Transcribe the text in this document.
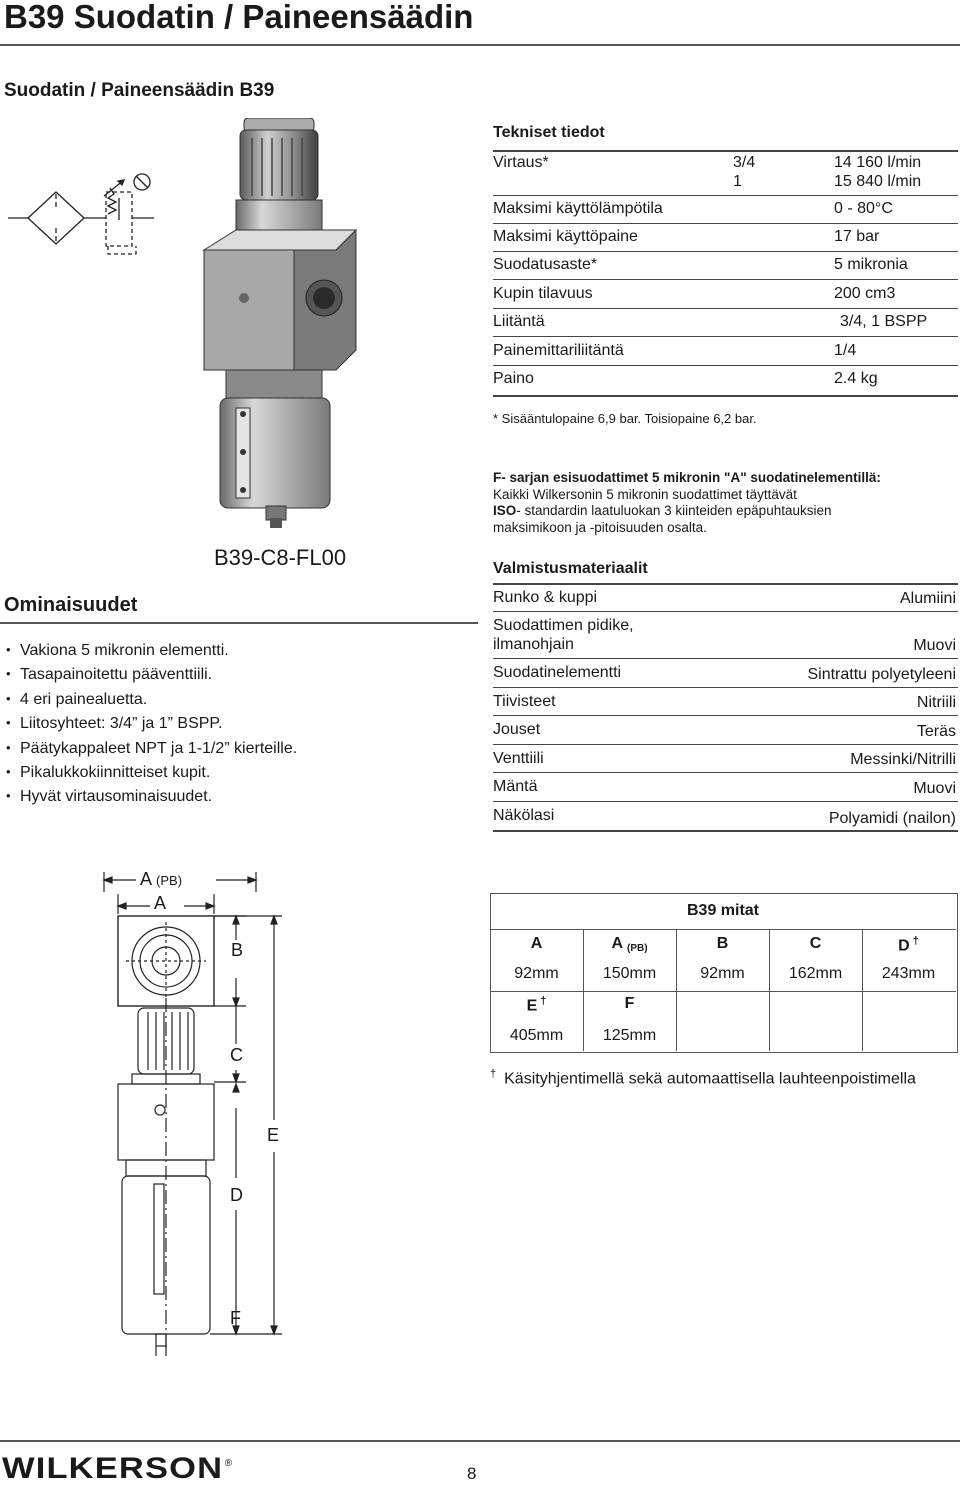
B39 Suodatin / Paineensäädin
Suodatin / Paineensäädin B39
Tekniset tiedot
Virtaus*	3/4	14 160 l/min
1	15 840 l/min
Maksimi käyttölämpötila	0 - 80°C
Maksimi käyttöpaine	17 bar
Suodatusaste*	5 mikronia
Kupin tilavuus	200 cm3
Liitäntä	3/4, 1 BSPP
Painemittariliitäntä	1/4
Paino	2.4 kg
* Sisääntulopaine 6,9 bar. Toisiopaine 6,2 bar.
F- sarjan esisuodattimet 5 mikronin "A" suodatinelementillä:
Kaikki Wilkersonin 5 mikronin suodattimet täyttävät
ISO- standardin laatuluokan 3 kiinteiden epäpuhtauksien
maksimikoon ja -pitoisuuden osalta.
B39-C8-FL00
Ominaisuudet
• Vakiona 5 mikronin elementti.
• Tasapainoitettu pääventtiili.
• 4 eri painealuetta.
• Liitosyhteet: 3/4” ja 1” BSPP.
• Päätykappaleet NPT ja 1-1/2” kierteille.
• Pikalukkokiinnitteiset kupit.
• Hyvät virtausominaisuudet.
Valmistusmateriaalit
Runko & kuppi	Alumiini
Suodattimen pidike,
ilmanohjain	Muovi
Suodatinelementti	Sintrattu polyetyleeni
Tiivisteet	Nitriili
Jouset	Teräs
Venttiili	Messinki/Nitrilli
Mäntä	Muovi
Näkölasi	Polyamidi (nailon)
A (PB)
A
B
C
E
D
F
B39 mitat
A	A (PB)	B	C	D †
92mm	150mm	92mm	162mm	243mm
E †	F
405mm	125mm
† Käsityhjentimellä sekä automaattisella lauhteenpoistimella
WILKERSON ®
8
